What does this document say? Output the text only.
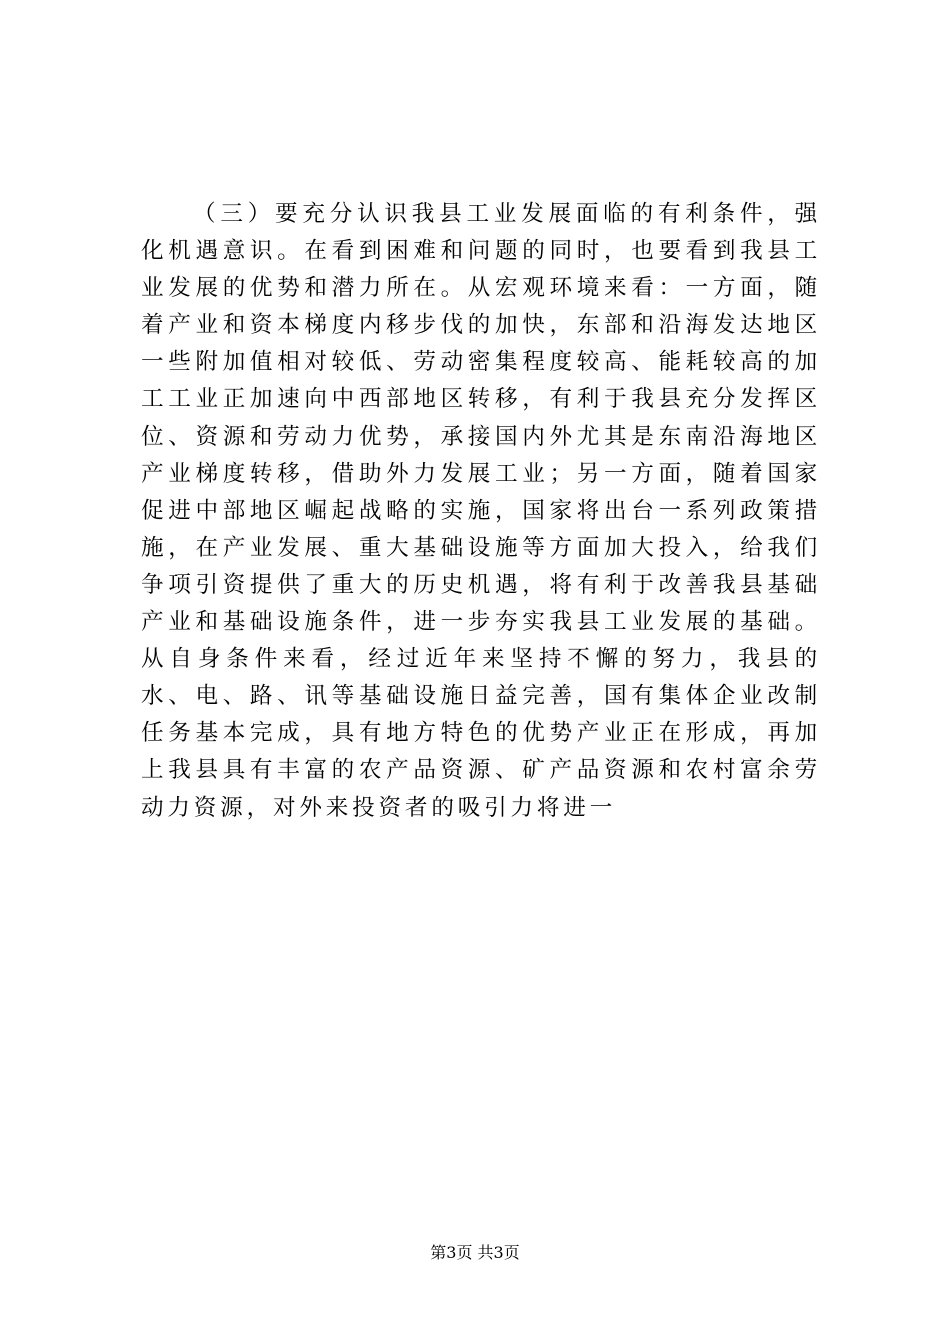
（三）要充分认识我县工业发展面临的有利条件，强化机遇意识。在看到困难和问题的同时，也要看到我县工业发展的优势和潜力所在。从宏观环境来看：一方面，随着产业和资本梯度内移步伐的加快，东部和沿海发达地区一些附加值相对较低、劳动密集程度较高、能耗较高的加工工业正加速向中西部地区转移，有利于我县充分发挥区位、资源和劳动力优势，承接国内外尤其是东南沿海地区产业梯度转移，借助外力发展工业；另一方面，随着国家促进中部地区崛起战略的实施，国家将出台一系列政策措施，在产业发展、重大基础设施等方面加大投入，给我们争项引资提供了重大的历史机遇，将有利于改善我县基础产业和基础设施条件，进一步夯实我县工业发展的基础。从自身条件来看，经过近年来坚持不懈的努力，我县的水、电、路、讯等基础设施日益完善，国有集体企业改制任务基本完成，具有地方特色的优势产业正在形成，再加上我县具有丰富的农产品资源、矿产品资源和农村富余劳动力资源，对外来投资者的吸引力将进一

第3页 共3页
